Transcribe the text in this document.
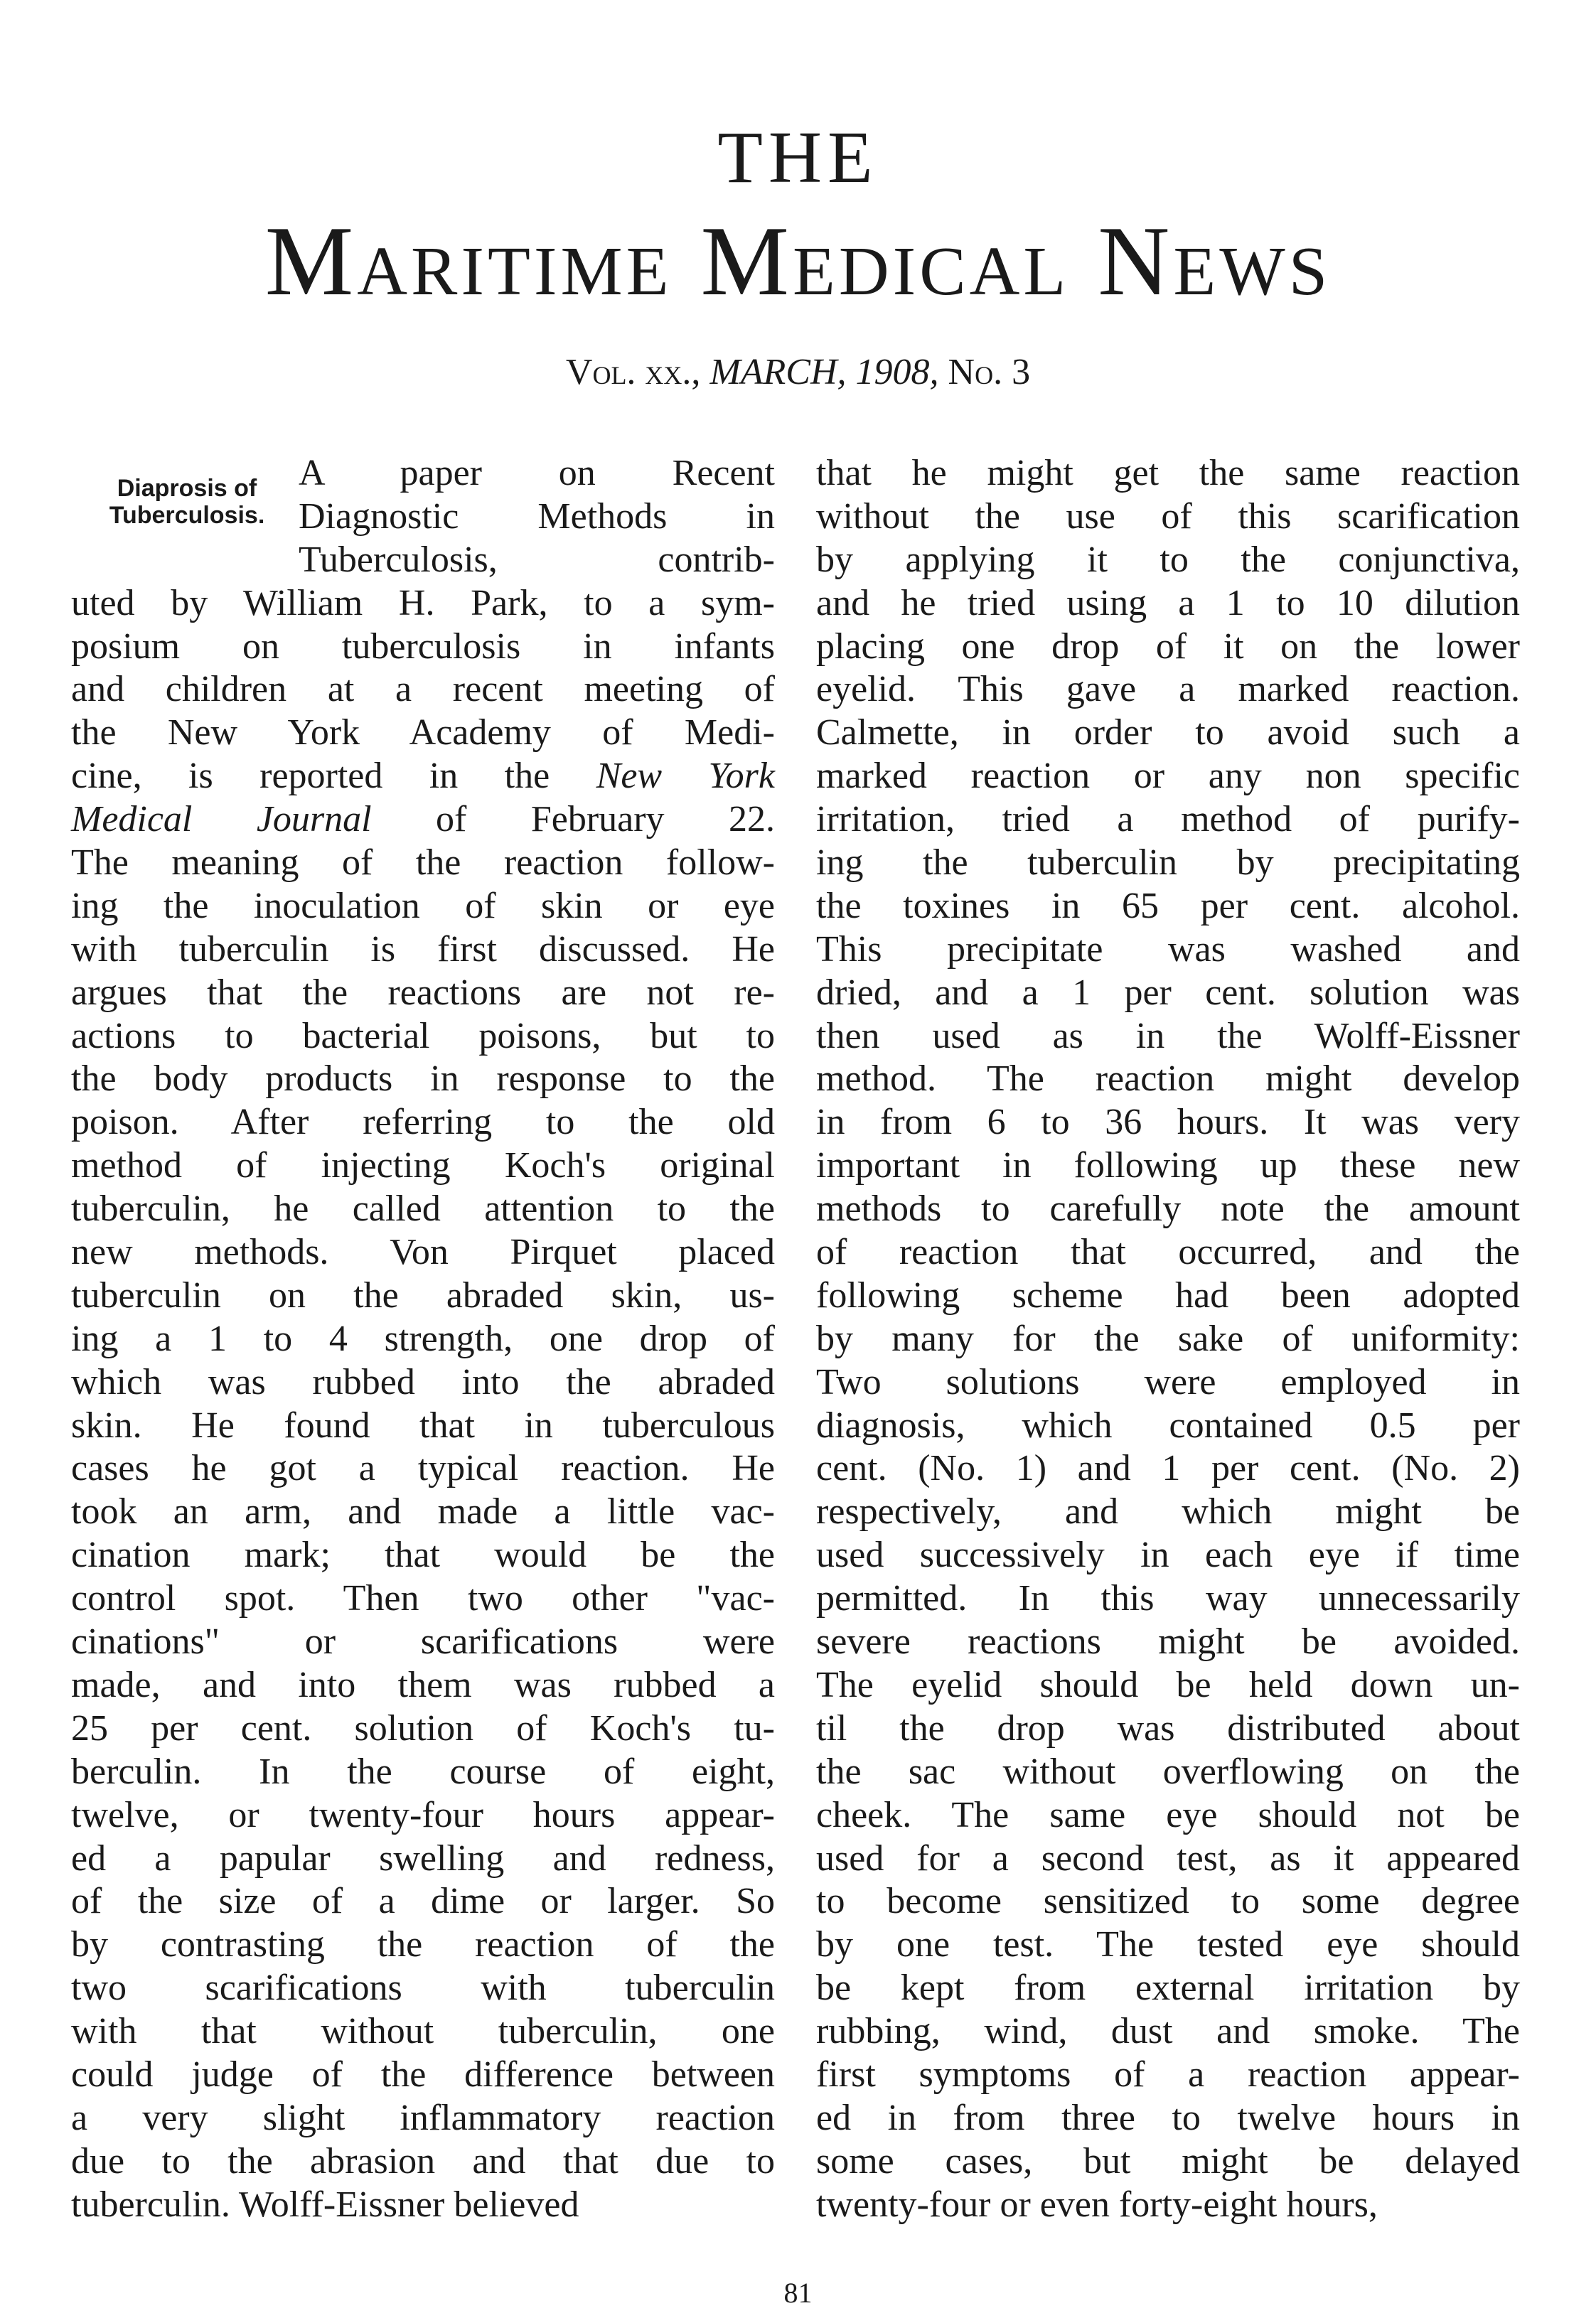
THE
Maritime Medical News
Vol. xx., MARCH, 1908, No. 3
Diaprosis of
Tuberculosis.
A paper on Recent
Diagnostic Methods in
Tuberculosis, contrib-
uted by William H. Park, to a sym-
posium on tuberculosis in infants
and children at a recent meeting of
the New York Academy of Medi-
cine, is reported in the New York
Medical Journal of February 22.
The meaning of the reaction follow-
ing the inoculation of skin or eye
with tuberculin is first discussed. He
argues that the reactions are not re-
actions to bacterial poisons, but to
the body products in response to the
poison. After referring to the old
method of injecting Koch's original
tuberculin, he called attention to the
new methods. Von Pirquet placed
tuberculin on the abraded skin, us-
ing a 1 to 4 strength, one drop of
which was rubbed into the abraded
skin. He found that in tuberculous
cases he got a typical reaction. He
took an arm, and made a little vac-
cination mark; that would be the
control spot. Then two other "vac-
cinations" or scarifications were
made, and into them was rubbed a
25 per cent. solution of Koch's tu-
berculin. In the course of eight,
twelve, or twenty-four hours appear-
ed a papular swelling and redness,
of the size of a dime or larger. So
by contrasting the reaction of the
two scarifications with tuberculin
with that without tuberculin, one
could judge of the difference between
a very slight inflammatory reaction
due to the abrasion and that due to
tuberculin. Wolff-Eissner believed
that he might get the same reaction
without the use of this scarification
by applying it to the conjunctiva,
and he tried using a 1 to 10 dilution
placing one drop of it on the lower
eyelid. This gave a marked reaction.
Calmette, in order to avoid such a
marked reaction or any non specific
irritation, tried a method of purify-
ing the tuberculin by precipitating
the toxines in 65 per cent. alcohol.
This precipitate was washed and
dried, and a 1 per cent. solution was
then used as in the Wolff-Eissner
method. The reaction might develop
in from 6 to 36 hours. It was very
important in following up these new
methods to carefully note the amount
of reaction that occurred, and the
following scheme had been adopted
by many for the sake of uniformity:
Two solutions were employed in
diagnosis, which contained 0.5 per
cent. (No. 1) and 1 per cent. (No. 2)
respectively, and which might be
used successively in each eye if time
permitted. In this way unnecessarily
severe reactions might be avoided.
The eyelid should be held down un-
til the drop was distributed about
the sac without overflowing on the
cheek. The same eye should not be
used for a second test, as it appeared
to become sensitized to some degree
by one test. The tested eye should
be kept from external irritation by
rubbing, wind, dust and smoke. The
first symptoms of a reaction appear-
ed in from three to twelve hours in
some cases, but might be delayed
twenty-four or even forty-eight hours,
81
